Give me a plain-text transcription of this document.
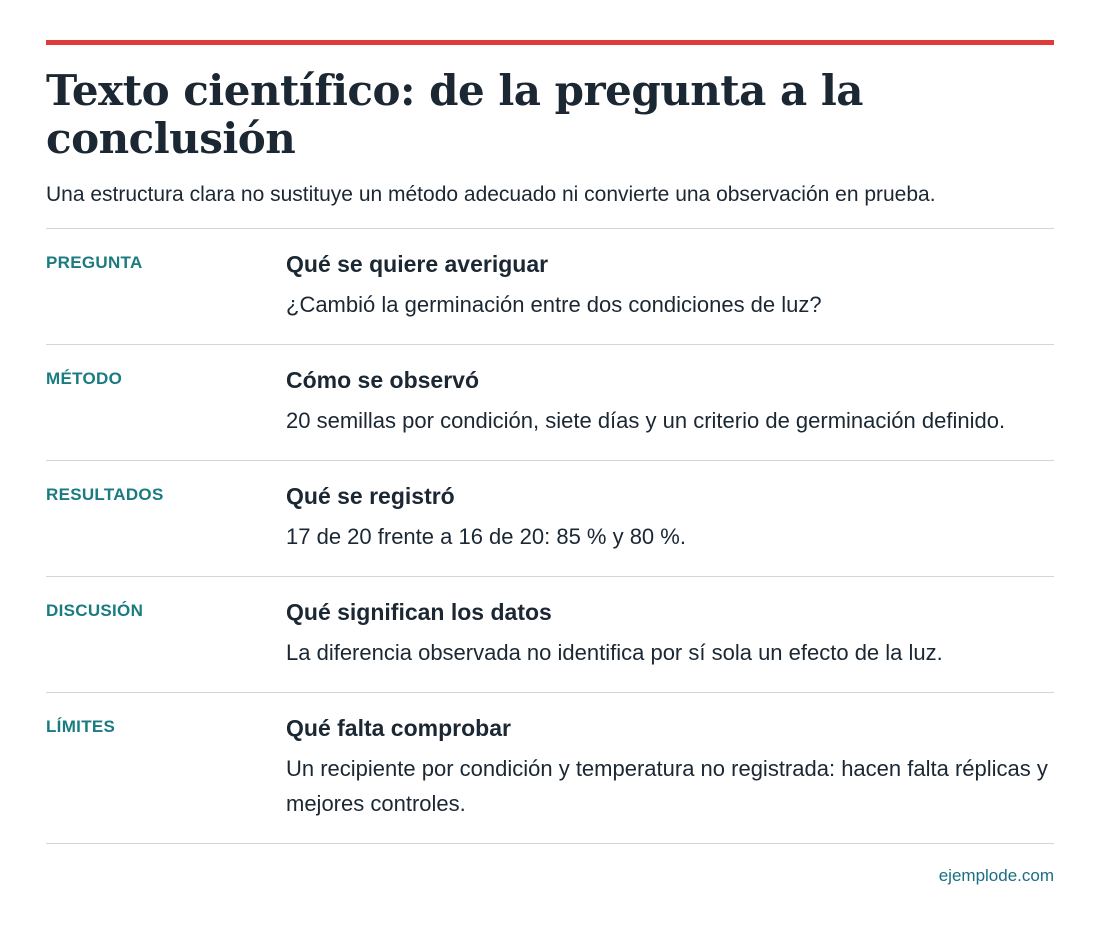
Texto científico: de la pregunta a la conclusión

Una estructura clara no sustituye un método adecuado ni convierte una observación en prueba.

PREGUNTA	Qué se quiere averiguar

¿Cambió la germinación entre dos condiciones de luz?

MÉTODO	Cómo se observó

20 semillas por condición, siete días y un criterio de germinación definido.

RESULTADOS	Qué se registró

17 de 20 frente a 16 de 20: 85 % y 80 %.

DISCUSIÓN	Qué significan los datos

La diferencia observada no identifica por sí sola un efecto de la luz.

LÍMITES	Qué falta comprobar

Un recipiente por condición y temperatura no registrada: hacen falta réplicas y mejores controles.

ejemplode.com
